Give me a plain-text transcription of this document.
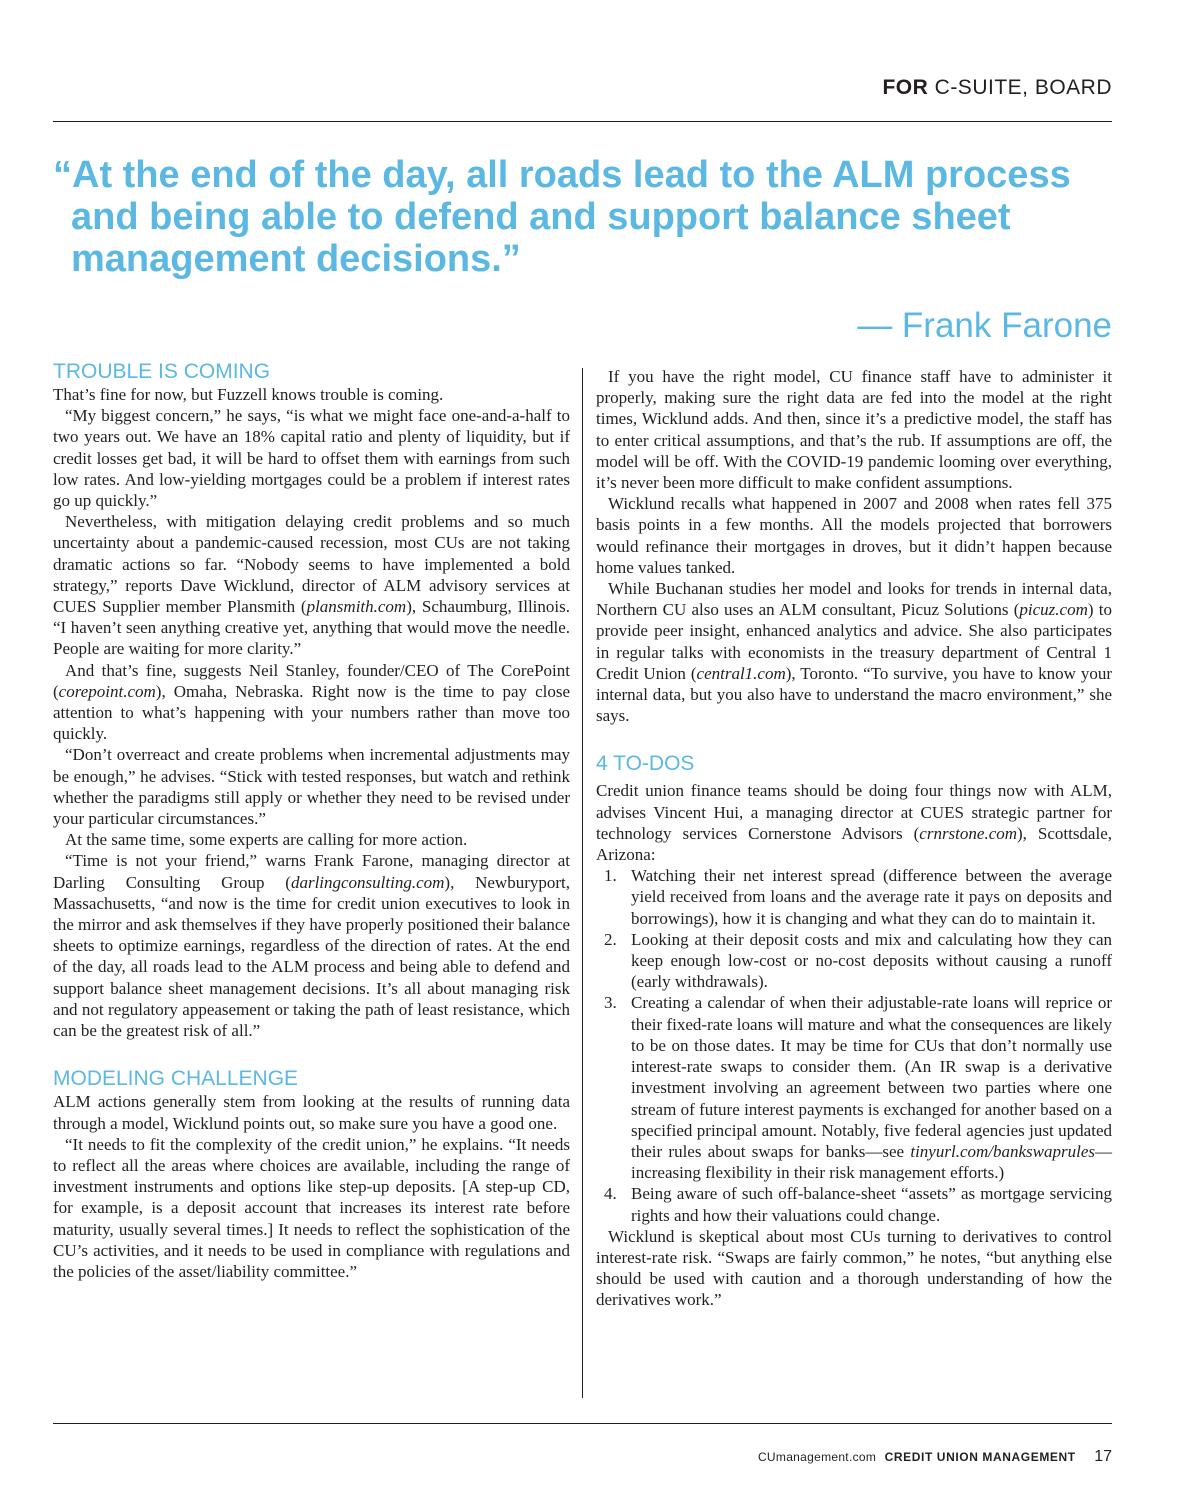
FOR C-SUITE, BOARD
“At the end of the day, all roads lead to the ALM process
and being able to defend and support balance sheet
management decisions.”
— Frank Farone
TROUBLE IS COMING

That’s fine for now, but Fuzzell knows trouble is coming.

“My biggest concern,” he says, “is what we might face one-and-a-half to two years out. We have an 18% capital ratio and plenty of liquidity, but if credit losses get bad, it will be hard to offset them with earnings from such low rates. And low-yielding mortgages could be a problem if interest rates go up quickly.”

Nevertheless, with mitigation delaying credit problems and so much uncertainty about a pandemic-caused recession, most CUs are not taking dramatic actions so far. “Nobody seems to have implemented a bold strategy,” reports Dave Wicklund, director of ALM advisory services at CUES Supplier member Plansmith (plansmith.com), Schaumburg, Illinois. “I haven’t seen anything creative yet, anything that would move the needle. People are waiting for more clarity.”

And that’s fine, suggests Neil Stanley, founder/CEO of The CorePoint (corepoint.com), Omaha, Nebraska. Right now is the time to pay close attention to what’s happening with your numbers rather than move too quickly.

“Don’t overreact and create problems when incremental adjustments may be enough,” he advises. “Stick with tested responses, but watch and rethink whether the paradigms still apply or whether they need to be revised under your particular circumstances.”

At the same time, some experts are calling for more action.

“Time is not your friend,” warns Frank Farone, managing director at Darling Consulting Group (darlingconsulting.com), Newburyport, Massachusetts, “and now is the time for credit union executives to look in the mirror and ask themselves if they have properly positioned their balance sheets to optimize earnings, regardless of the direction of rates. At the end of the day, all roads lead to the ALM process and being able to defend and support balance sheet management decisions. It’s all about managing risk and not regulatory appeasement or taking the path of least resistance, which can be the greatest risk of all.”

MODELING CHALLENGE

ALM actions generally stem from looking at the results of running data through a model, Wicklund points out, so make sure you have a good one.

“It needs to fit the complexity of the credit union,” he explains. “It needs to reflect all the areas where choices are available, including the range of investment instruments and options like step-up deposits. [A step-up CD, for example, is a deposit account that increases its interest rate before maturity, usually several times.] It needs to reflect the sophistication of the CU’s activities, and it needs to be used in compliance with regulations and the policies of the asset/liability committee.”

If you have the right model, CU finance staff have to administer it properly, making sure the right data are fed into the model at the right times, Wicklund adds. And then, since it’s a predictive model, the staff has to enter critical assumptions, and that’s the rub. If assumptions are off, the model will be off. With the COVID-19 pandemic looming over everything, it’s never been more difficult to make confident assumptions.

Wicklund recalls what happened in 2007 and 2008 when rates fell 375 basis points in a few months. All the models projected that borrowers would refinance their mortgages in droves, but it didn’t happen because home values tanked.

While Buchanan studies her model and looks for trends in internal data, Northern CU also uses an ALM consultant, Picuz Solutions (picuz.com) to provide peer insight, enhanced analytics and advice. She also participates in regular talks with economists in the treasury department of Central 1 Credit Union (central1.com), Toronto. “To survive, you have to know your internal data, but you also have to understand the macro environment,” she says.

4 TO-DOS

Credit union finance teams should be doing four things now with ALM, advises Vincent Hui, a managing director at CUES strategic partner for technology services Cornerstone Advisors (crnrstone.com), Scottsdale, Arizona:

1. Watching their net interest spread (difference between the average yield received from loans and the average rate it pays on deposits and borrowings), how it is changing and what they can do to maintain it.
2. Looking at their deposit costs and mix and calculating how they can keep enough low-cost or no-cost deposits without causing a runoff (early withdrawals).
3. Creating a calendar of when their adjustable-rate loans will reprice or their fixed-rate loans will mature and what the consequences are likely to be on those dates. It may be time for CUs that don’t normally use interest-rate swaps to consider them. (An IR swap is a derivative investment involving an agreement between two parties where one stream of future interest payments is exchanged for another based on a specified principal amount. Notably, five federal agencies just updated their rules about swaps for banks—see tinyurl.com/bankswaprules—increasing flexibility in their risk management efforts.)
4. Being aware of such off-balance-sheet “assets” as mortgage servicing rights and how their valuations could change.

Wicklund is skeptical about most CUs turning to derivatives to control interest-rate risk. “Swaps are fairly common,” he notes, “but anything else should be used with caution and a thorough understanding of how the derivatives work.”

CUmanagement.com CREDIT UNION MANAGEMENT 17
